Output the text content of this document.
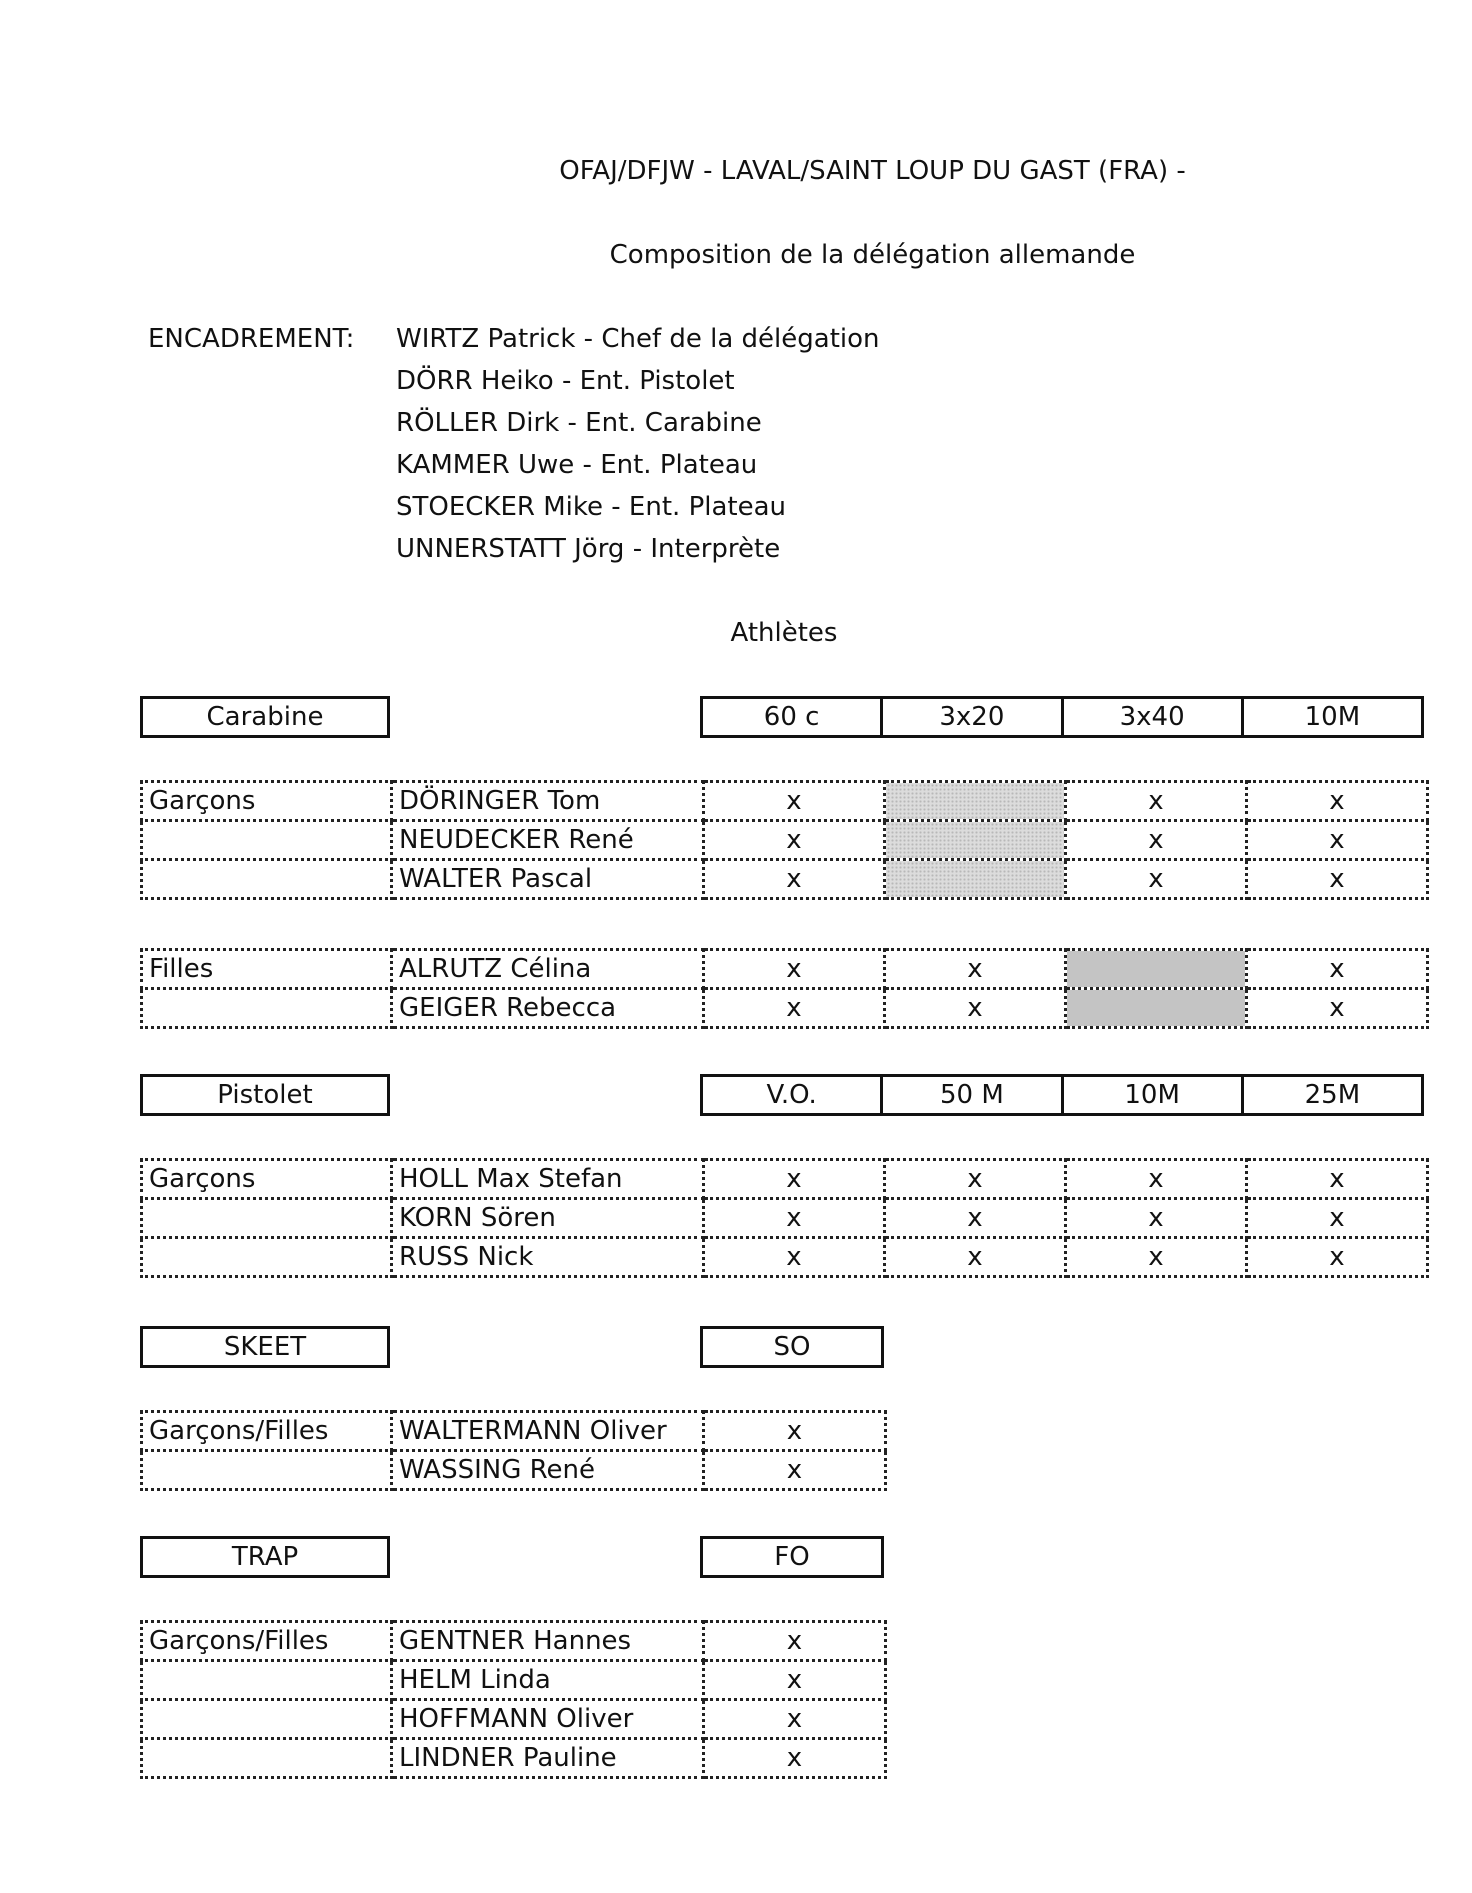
OFAJ/DFJW - LAVAL/SAINT LOUP DU GAST (FRA) -
Composition de la délégation allemande
ENCADREMENT: WIRTZ Patrick - Chef de la délégation
DÖRR Heiko - Ent. Pistolet
RÖLLER Dirk - Ent. Carabine
KAMMER Uwe - Ent. Plateau
STOECKER Mike - Ent. Plateau
UNNERSTATT Jörg - Interprète
Athlètes
Carabine	60 c	3x20	3x40	10M
Garçons	DÖRINGER Tom	x		x	x
	NEUDECKER René	x		x	x
	WALTER Pascal	x		x	x
Filles	ALRUTZ Célina	x	x		x
	GEIGER Rebecca	x	x		x
Pistolet	V.O.	50 M	10M	25M
Garçons	HOLL Max Stefan	x	x	x	x
	KORN Sören	x	x	x	x
	RUSS Nick	x	x	x	x
SKEET	SO
Garçons/Filles	WALTERMANN Oliver	x
	WASSING René	x
TRAP	FO
Garçons/Filles	GENTNER Hannes	x
	HELM Linda	x
	HOFFMANN Oliver	x
	LINDNER Pauline	x
